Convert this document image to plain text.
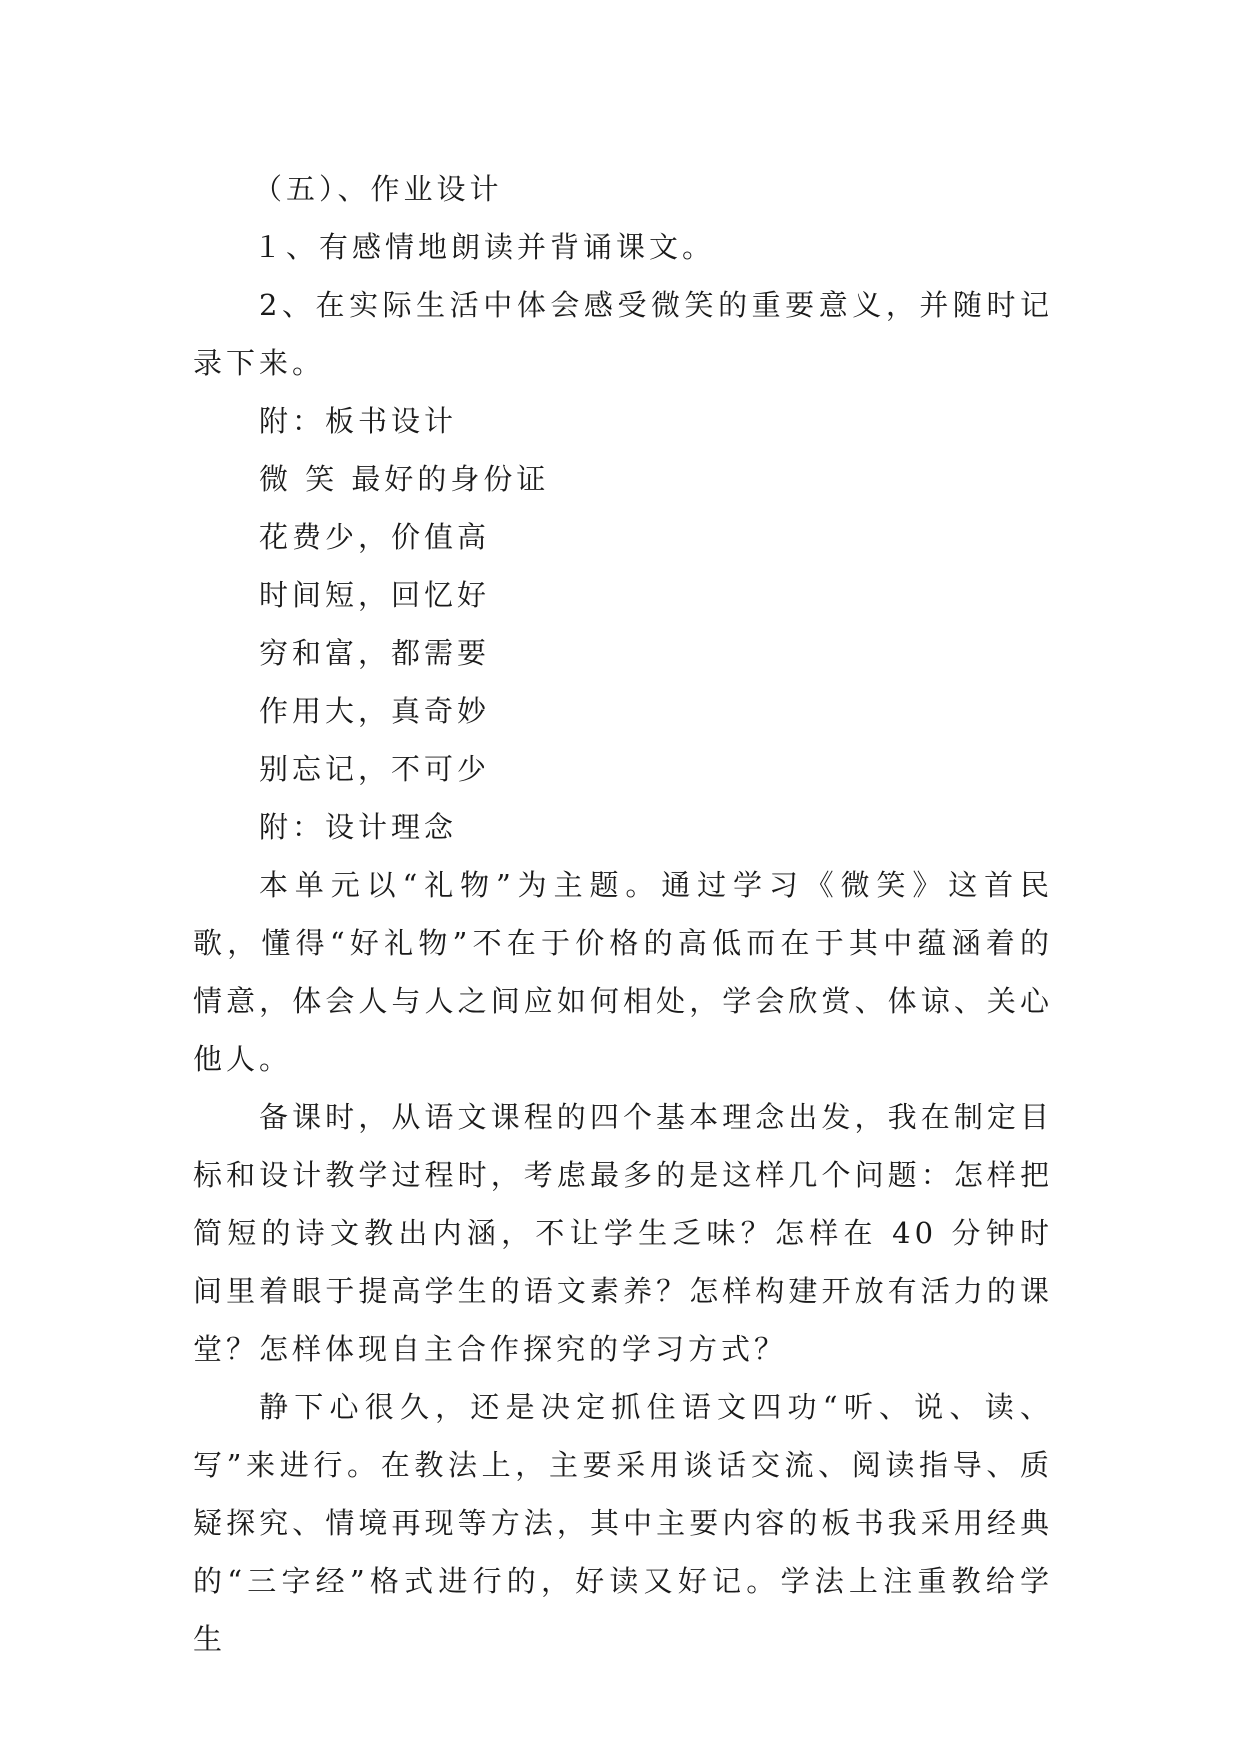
（五）、作业设计
１、有感情地朗读并背诵课文。
2、在实际生活中体会感受微笑的重要意义，并随时记录下来。
附：板书设计
微 笑 最好的身份证
花费少，价值高
时间短，回忆好
穷和富，都需要
作用大，真奇妙
别忘记，不可少
附：设计理念
本单元以“礼物”为主题。通过学习《微笑》这首民歌，懂得“好礼物”不在于价格的高低而在于其中蕴涵着的情意，体会人与人之间应如何相处，学会欣赏、体谅、关心他人。
备课时，从语文课程的四个基本理念出发，我在制定目标和设计教学过程时，考虑最多的是这样几个问题：怎样把简短的诗文教出内涵，不让学生乏味？怎样在 40 分钟时间里着眼于提高学生的语文素养？怎样构建开放有活力的课堂？怎样体现自主合作探究的学习方式？
静下心很久，还是决定抓住语文四功“听、说、读、写”来进行。在教法上，主要采用谈话交流、阅读指导、质疑探究、情境再现等方法，其中主要内容的板书我采用经典的“三字经”格式进行的，好读又好记。学法上注重教给学生
